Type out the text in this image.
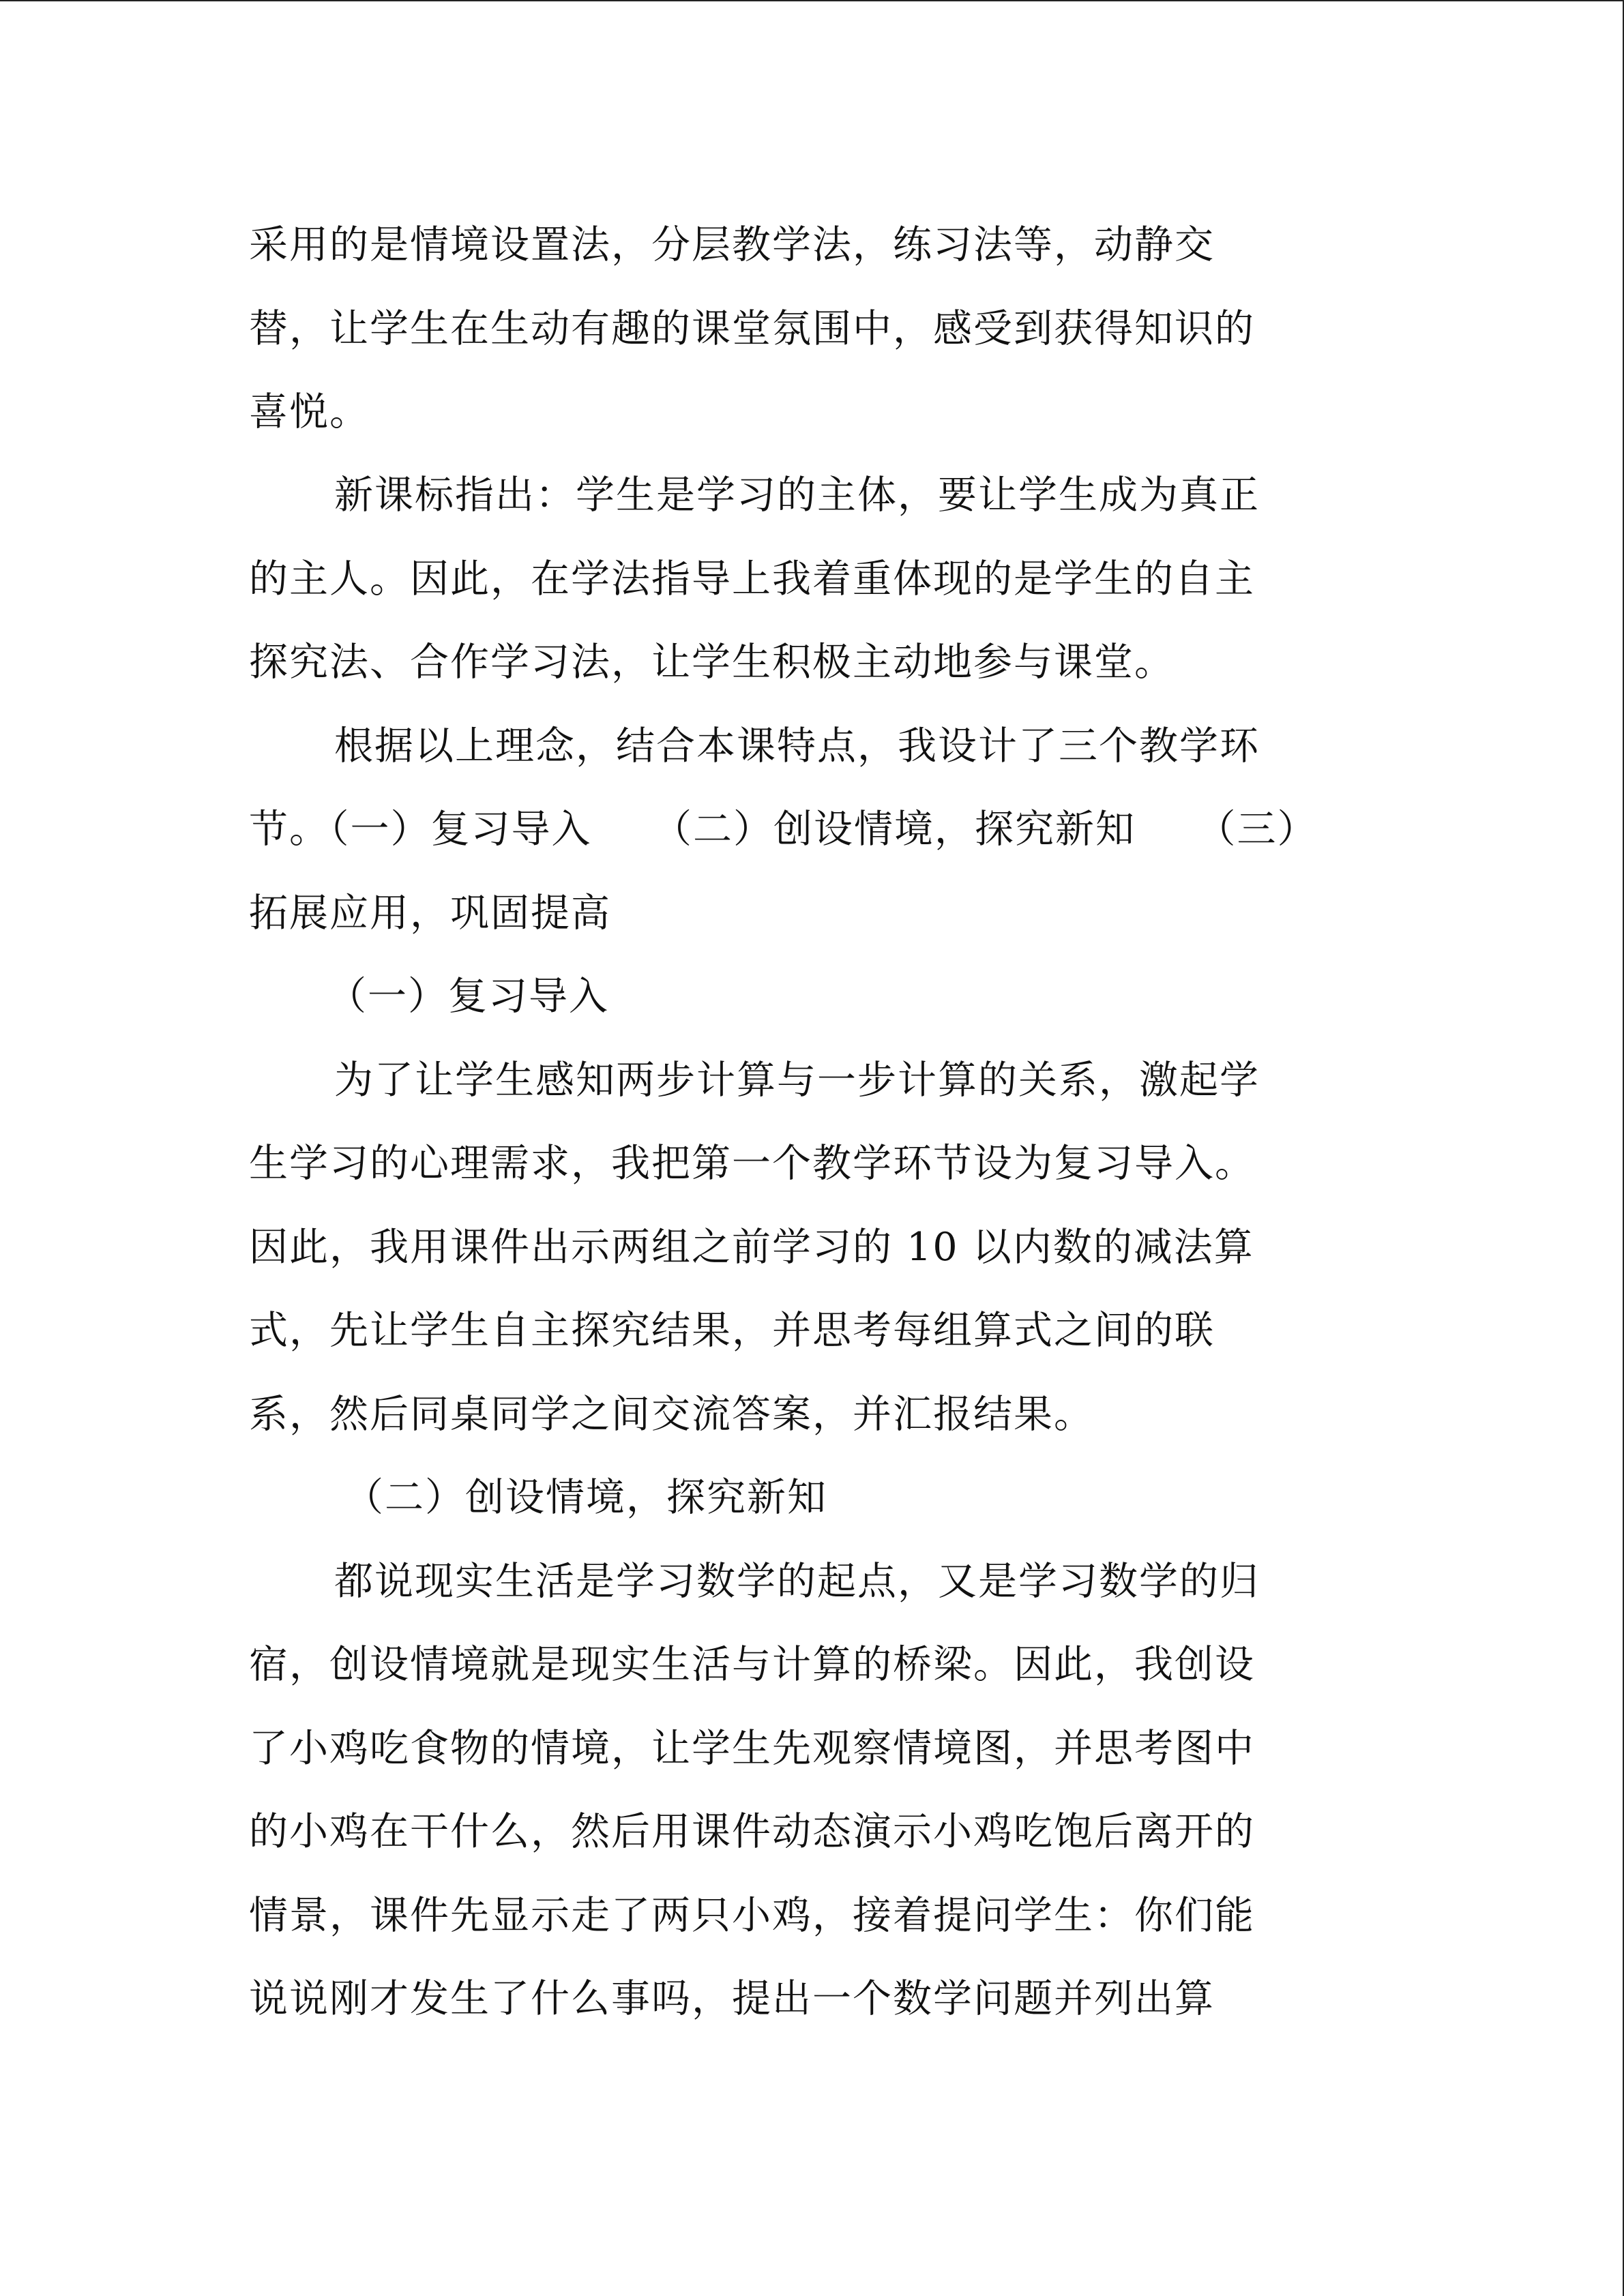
采用的是情境设置法，分层教学法，练习法等，动静交
替，让学生在生动有趣的课堂氛围中，感受到获得知识的
喜悦。
新课标指出：学生是学习的主体，要让学生成为真正
的主人。因此，在学法指导上我着重体现的是学生的自主
探究法、合作学习法，让学生积极主动地参与课堂。
根据以上理念，结合本课特点，我设计了三个教学环
节。（一）复习导入　　（二）创设情境，探究新知　　（三）
拓展应用，巩固提高
（一）复习导入
为了让学生感知两步计算与一步计算的关系，激起学
生学习的心理需求，我把第一个教学环节设为复习导入。
因此，我用课件出示两组之前学习的 10 以内数的减法算
式，先让学生自主探究结果，并思考每组算式之间的联
系，然后同桌同学之间交流答案，并汇报结果。
（二）创设情境，探究新知
都说现实生活是学习数学的起点，又是学习数学的归
宿，创设情境就是现实生活与计算的桥梁。因此，我创设
了小鸡吃食物的情境，让学生先观察情境图，并思考图中
的小鸡在干什么，然后用课件动态演示小鸡吃饱后离开的
情景，课件先显示走了两只小鸡，接着提问学生：你们能
说说刚才发生了什么事吗，提出一个数学问题并列出算
